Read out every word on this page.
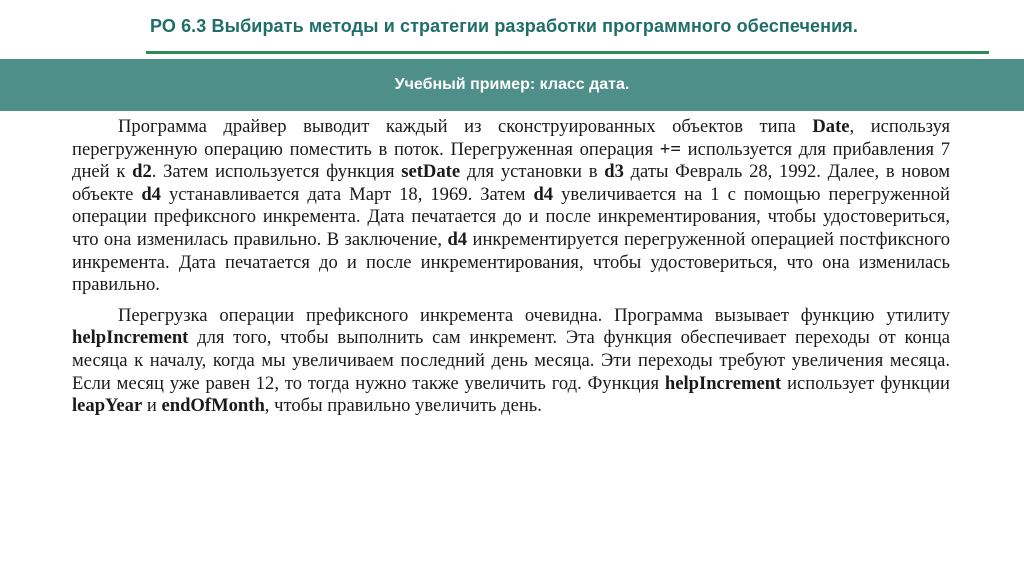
РО 6.3 Выбирать методы и стратегии разработки программного обеспечения.
Учебный пример: класс дата.

Программа драйвер выводит каждый из сконструированных объектов типа Date, используя перегруженную операцию поместить в поток. Перегруженная операция += используется для прибавления 7 дней к d2. Затем используется функция setDate для установки в d3 даты Февраль 28, 1992. Далее, в новом объекте d4 устанавливается дата Март 18, 1969. Затем d4 увеличивается на 1 с помощью перегруженной операции префиксного инкремента. Дата печатается до и после инкрементирования, чтобы удостовериться, что она изменилась правильно. В заключение, d4 инкрементируется перегруженной операцией постфиксного инкремента. Дата печатается до и после инкрементирования, чтобы удостовериться, что она изменилась правильно.

Перегрузка операции префиксного инкремента очевидна. Программа вызывает функцию утилиту helpIncrement для того, чтобы выполнить сам инкремент. Эта функция обеспечивает переходы от конца месяца к началу, когда мы увеличиваем последний день месяца. Эти переходы требуют увеличения месяца. Если месяц уже равен 12, то тогда нужно также увеличить год. Функция helpIncrement использует функции leapYear и endOfMonth, чтобы правильно увеличить день.
